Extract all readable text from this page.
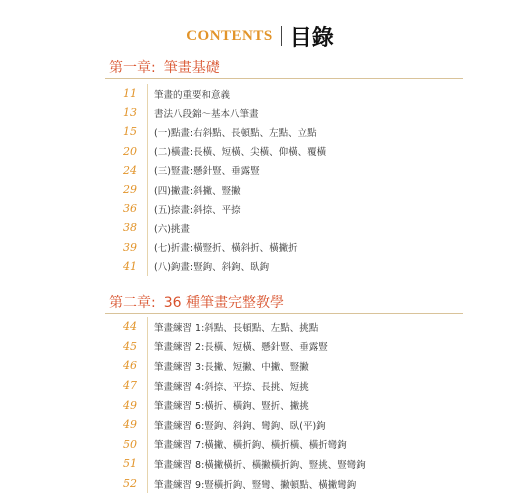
CONTENTS 目錄
第一章: 筆畫基礎
11 筆畫的重要和意義
13 書法八段錦～基本八筆畫
15 (一)點畫:右斜點、長頓點、左點、立點
20 (二)橫畫:長橫、短橫、尖橫、仰橫、覆橫
24 (三)豎畫:懸針豎、垂露豎
29 (四)撇畫:斜撇、豎撇
36 (五)捺畫:斜捺、平捺
38 (六)挑畫
39 (七)折畫:橫豎折、橫斜折、橫撇折
41 (八)鉤畫:豎鉤、斜鉤、臥鉤
第二章: 36 種筆畫完整教學
44 筆畫練習 1:斜點、長頓點、左點、挑點
45 筆畫練習 2:長橫、短橫、懸針豎、垂露豎
46 筆畫練習 3:長撇、短撇、中撇、豎撇
47 筆畫練習 4:斜捺、平捺、長挑、短挑
49 筆畫練習 5:橫折、橫鉤、豎折、撇挑
49 筆畫練習 6:豎鉤、斜鉤、彎鉤、臥(平)鉤
50 筆畫練習 7:橫撇、橫折鉤、橫折橫、橫折彎鉤
51 筆畫練習 8:橫撇橫折、橫撇橫折鉤、豎挑、豎彎鉤
52 筆畫練習 9:豎橫折鉤、豎彎、撇頓點、橫撇彎鉤
